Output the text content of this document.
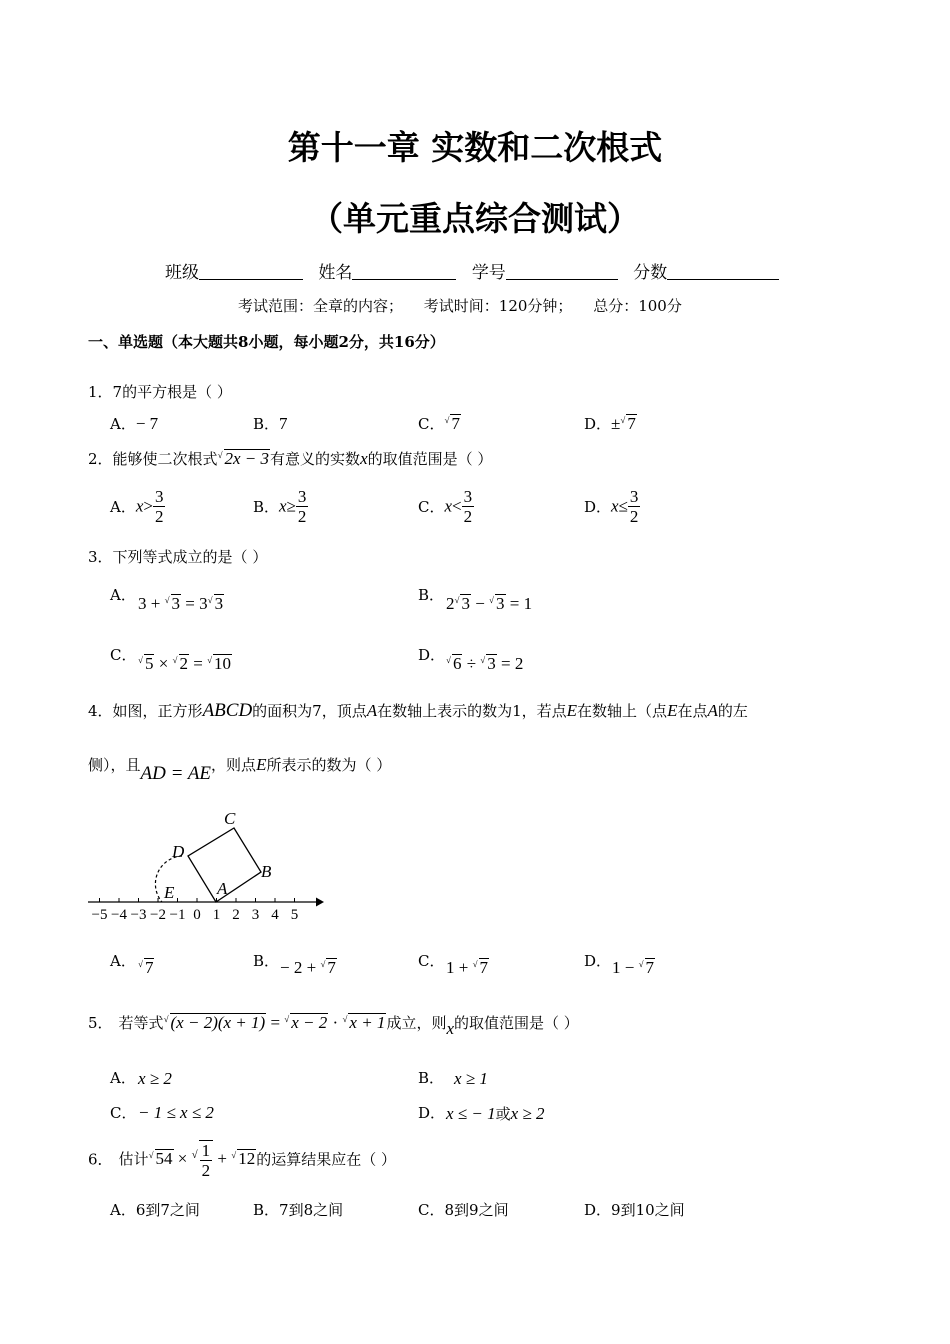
第十一章 实数和二次根式
（单元重点综合测试）
班级	姓名	学号	分数
考试范围：全章的内容； 考试时间：120分钟； 总分：100分
一、单选题（本大题共8小题，每小题2分，共16分）
1．7的平方根是（ ）
A．− 7	B．7	C．√ 7	D．±√ 7
2．能够使二次根式√ 2x − 3有意义的实数x的取值范围是（ ）
A．$x> \frac{3}{2}$	B．$x\ge \frac{3}{2}$	C．$x< \frac{3}{2}$	D．$x\le \frac{3}{2}$
3．下列等式成立的是（ ）
A． 3 + √ 3 = 3√ 3	B． 2√ 3 − √ 3 = 1
C． √ 5 × √ 2 = √ 10	D． √ 6 ÷ √ 3 = 2
4．如图，正方形ABCD的面积为7，顶点A在数轴上表示的数为1，若点E在数轴上（点E在点A的左
侧），且AD = AE，则点E所表示的数为（ ）
−5 −4 −3 −2 −1 0 1 2 3 4 5
C
D
B
A
E
A． √ 7	B． − 2 + √ 7	C． 1 + √ 7	D． 1 − √ 7
5． 若等式√ (x − 2)(x + 1) = √ x − 2 · √ x + 1成立，则x的取值范围是（ ）
A． x ≥ 2	B． x ≥ 1
C． − 1 ≤ x ≤ 2	D． x ≤ − 1或x ≥ 2
6． 估计√ $54 \times ^√ \frac{1}{2} + ^√$ 12的运算结果应在（ ）
A．6到7之间	B．7到8之间	C．8到9之间	D．9到10之间
